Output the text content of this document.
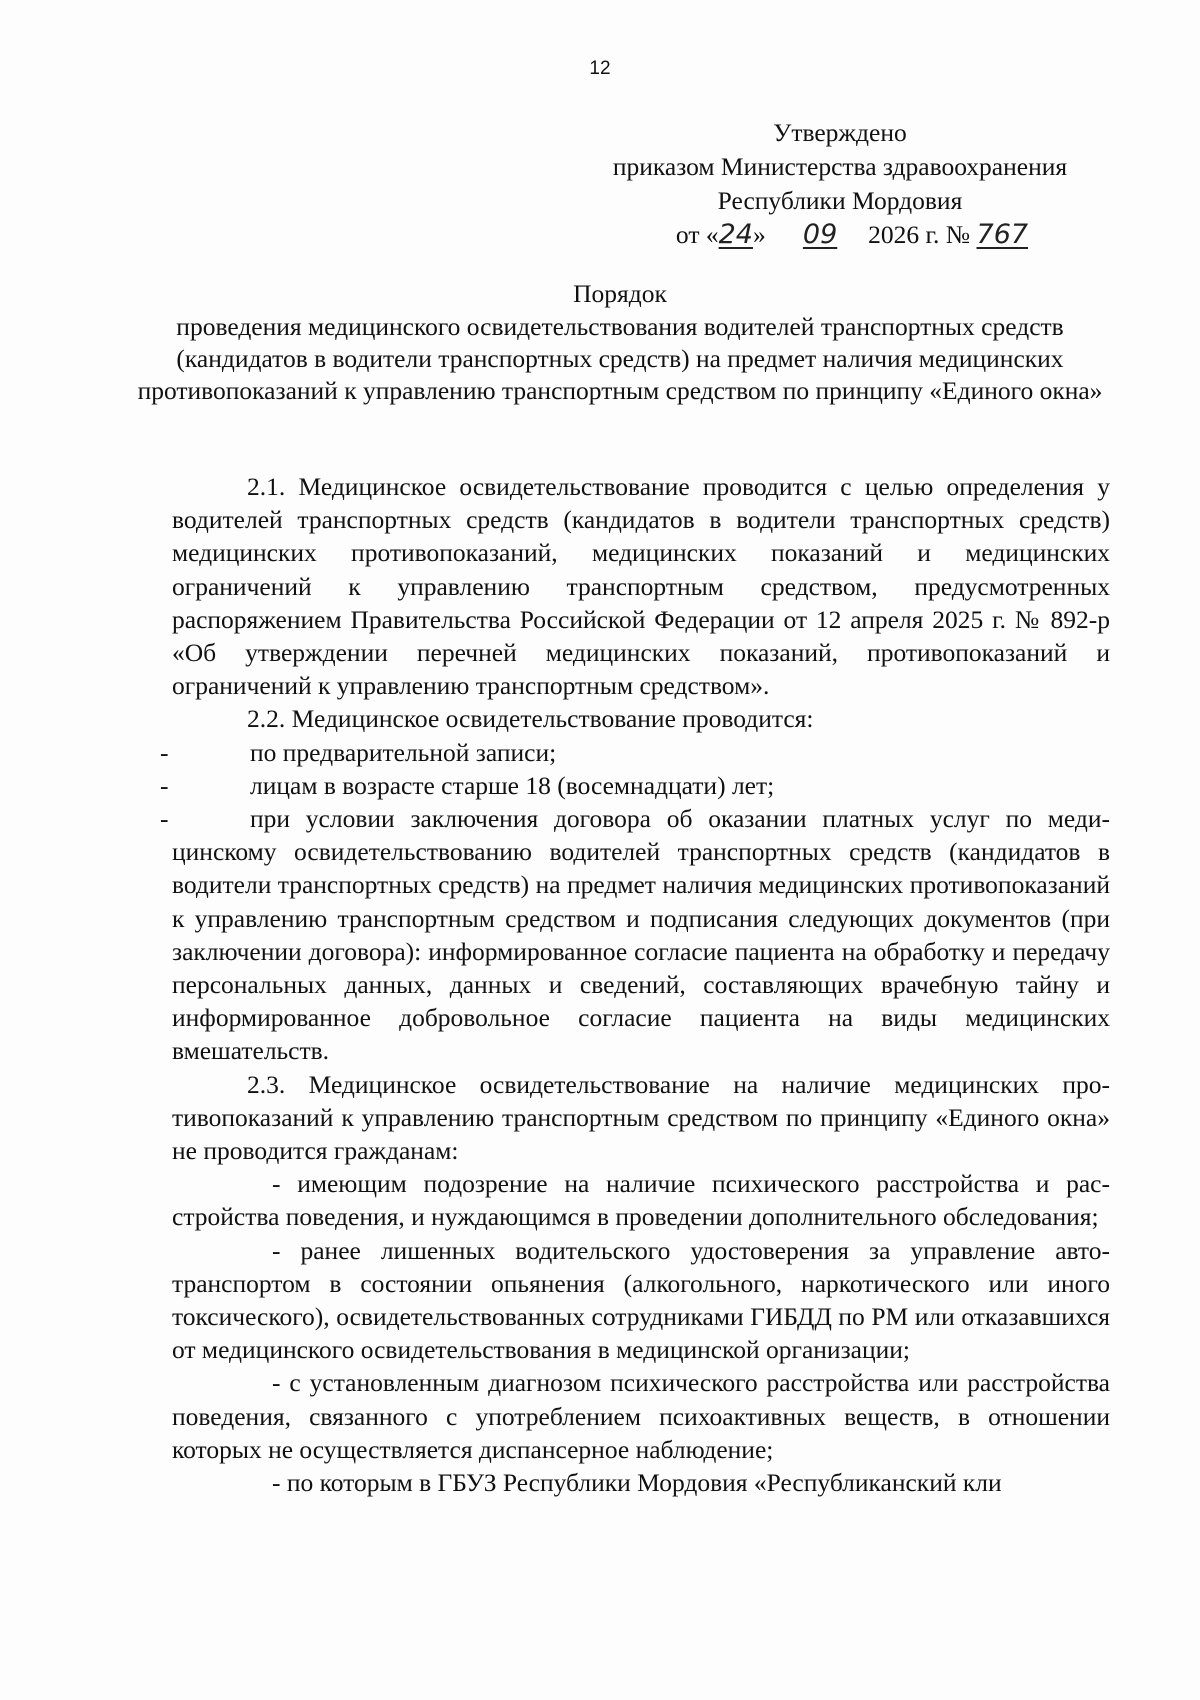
12
Утверждено
приказом Министерства здравоохранения
Республики Мордовия
от «24» 09 2026 г. № 767
Порядок
проведения медицинского освидетельствования водителей транспортных средств (кандидатов в водители транспортных средств) на предмет наличия медицинских противопоказаний к управлению транспортным средством по принципу «Единого окна»

2.1. Медицинское освидетельствование проводится с целью определения у водителей транспортных средств (кандидатов в водители транспортных средств) медицинских противопоказаний, медицинских показаний и медицинских ограничений к управлению транспортным средством, предусмотренных распоряжением Правительства Российской Федерации от 12 апреля 2025 г. № 892-р «Об утверждении перечней медицинских показаний, противопоказаний и ограничений к управлению транспортным средством».

2.2. Медицинское освидетельствование проводится:

-	по предварительной записи;

-	лицам в возрасте старше 18 (восемнадцати) лет;

-	при условии заключения договора об оказании платных услуг по медицинскому освидетельствованию водителей транспортных средств (кандидатов в водители транспортных средств) на предмет наличия медицинских противопоказаний к управлению транспортным средством и подписания следующих документов (при заключении договора): информированное согласие пациента на обработку и передачу персональных данных, данных и сведений, составляющих врачебную тайну и информированное добровольное согласие пациента на виды медицинских вмешательств.

2.3. Медицинское освидетельствование на наличие медицинских противопоказаний к управлению транспортным средством по принципу «Единого окна» не проводится гражданам:

- имеющим подозрение на наличие психического расстройства и расстройства поведения, и нуждающимся в проведении дополнительного обследования;

- ранее лишенных водительского удостоверения за управление автотранспортом в состоянии опьянения (алкогольного, наркотического или иного токсического), освидетельствованных сотрудниками ГИБДД по РМ или отказавшихся от медицинского освидетельствования в медицинской организации;

- с установленным диагнозом психического расстройства или расстройства поведения, связанного с употреблением психоактивных веществ, в отношении которых не осуществляется диспансерное наблюдение;

- по которым в ГБУЗ Республики Мордовия «Республиканский кли
